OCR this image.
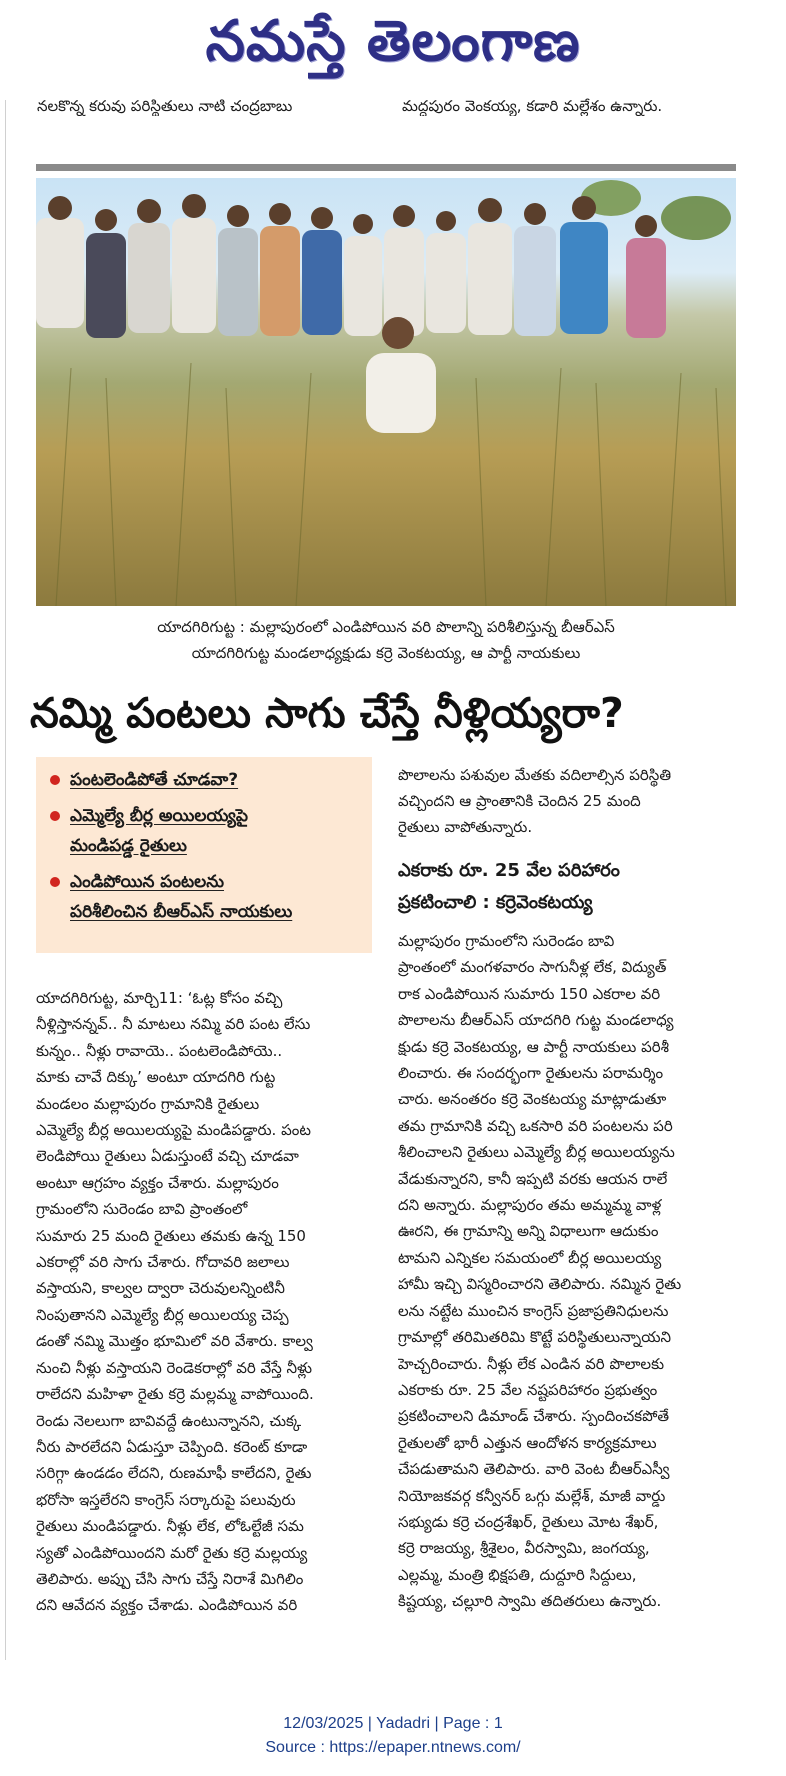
నమస్తే తెలంగాణ
నలకొన్న కరువు పరిస్థితులు నాటి చంద్రబాబు	మద్దపురం వెంకయ్య, కడారి మల్లేశం ఉన్నారు.
యాదగిరిగుట్ట : మల్లాపురంలో ఎండిపోయిన వరి పొలాన్ని పరిశీలిస్తున్న బీఆర్‌ఎస్
యాదగిరిగుట్ట మండలాధ్యక్షుడు కర్రె వెంకటయ్య, ఆ పార్టీ నాయకులు
నమ్మి పంటలు సాగు చేస్తే నీళ్లియ్యరా?
పంటలెండిపోతే చూడవా?
ఎమ్మెల్యే బీర్ల అయిలయ్యపై
మండిపడ్డ రైతులు
ఎండిపోయిన పంటలను
పరిశీలించిన బీఆర్‌ఎస్ నాయకులు
యాదగిరిగుట్ట, మార్చి11: ‘ఓట్ల కోసం వచ్చి
నీళ్లిస్తానన్నవ్.. నీ మాటలు నమ్మి వరి పంట లేసు
కున్నం.. నీళ్లు రావాయె.. పంటలెండిపోయె..
మాకు చావే దిక్కు’ అంటూ యాదగిరి గుట్ట
మండలం మల్లాపురం గ్రామానికి రైతులు
ఎమ్మెల్యే బీర్ల అయిలయ్యపై మండిపడ్డారు. పంట
లెండిపోయి రైతులు ఏడుస్తుంటే వచ్చి చూడవా
అంటూ ఆగ్రహం వ్యక్తం చేశారు. మల్లాపురం
గ్రామంలోని సురెండం బావి ప్రాంతంలో
సుమారు 25 మంది రైతులు తమకు ఉన్న 150
ఎకరాల్లో వరి సాగు చేశారు. గోదావరి జలాలు
వస్తాయని, కాల్వల ద్వారా చెరువులన్నింటినీ
నింపుతానని ఎమ్మెల్యే బీర్ల అయిలయ్య చెప్ప
డంతో నమ్మి మొత్తం భూమిలో వరి వేశారు. కాల్వ
నుంచి నీళ్లు వస్తాయని రెండెకరాల్లో వరి వేస్తే నీళ్లు
రాలేదని మహిళా రైతు కర్రె మల్లమ్మ వాపోయింది.
రెండు నెలలుగా బావివద్దే ఉంటున్నానని, చుక్క
నీరు పారలేదని ఏడుస్తూ చెప్పింది. కరెంట్ కూడా
సరిగ్గా ఉండడం లేదని, రుణమాఫీ కాలేదని, రైతు
భరోసా ఇస్తలేరని కాంగ్రెస్ సర్కారుపై పలువురు
రైతులు మండిపడ్డారు. నీళ్లు లేక, లోఓల్టేజీ సమ
స్యతో ఎండిపోయిందని మరో రైతు కర్రె మల్లయ్య
తెలిపారు. అప్పు చేసి సాగు చేస్తే నిరాశే మిగిలిం
దని ఆవేదన వ్యక్తం చేశాడు. ఎండిపోయిన వరి
పొలాలను పశువుల మేతకు వదిలాల్సిన పరిస్థితి
వచ్చిందని ఆ ప్రాంతానికి చెందిన 25 మంది
రైతులు వాపోతున్నారు.
ఎకరాకు రూ. 25 వేల పరిహారం
ప్రకటించాలి : కర్రెవెంకటయ్య
మల్లాపురం గ్రామంలోని సురెండం బావి
ప్రాంతంలో మంగళవారం సాగునీళ్ల లేక, విద్యుత్
రాక ఎండిపోయిన సుమారు 150 ఎకరాల వరి
పొలాలను బీఆర్‌ఎస్ యాదగిరి గుట్ట మండలాధ్య
క్షుడు కర్రె వెంకటయ్య, ఆ పార్టీ నాయకులు పరిశీ
లించారు. ఈ సందర్భంగా రైతులను పరామర్శిం
చారు. అనంతరం కర్రె వెంకటయ్య మాట్లాడుతూ
తమ గ్రామానికి వచ్చి ఒకసారి వరి పంటలను పరి
శీలించాలని రైతులు ఎమ్మెల్యే బీర్ల అయిలయ్యను
వేడుకున్నారని, కానీ ఇప్పటి వరకు ఆయన రాలే
దని అన్నారు. మల్లాపురం తమ అమ్మమ్మ వాళ్ల
ఊరని, ఈ గ్రామాన్ని అన్ని విధాలుగా ఆదుకుం
టామని ఎన్నికల సమయంలో బీర్ల అయిలయ్య
హామీ ఇచ్చి విస్మరించారని తెలిపారు. నమ్మిన రైతు
లను నట్టేట ముంచిన కాంగ్రెస్ ప్రజాప్రతినిధులను
గ్రామాల్లో తరిమితరిమి కొట్టే పరిస్థితులున్నాయని
హెచ్చరించారు. నీళ్లు లేక ఎండిన వరి పొలాలకు
ఎకరాకు రూ. 25 వేల నష్టపరిహారం ప్రభుత్వం
ప్రకటించాలని డిమాండ్ చేశారు. స్పందించకపోతే
రైతులతో భారీ ఎత్తున ఆందోళన కార్యక్రమాలు
చేపడుతామని తెలిపారు. వారి వెంట బీఆర్‌ఎస్వీ
నియోజకవర్గ కన్వీనర్ ఒగ్గు మల్లేశ్, మాజీ వార్డు
సభ్యుడు కర్రె చంద్రశేఖర్, రైతులు మోట శేఖర్,
కర్రె రాజయ్య, శ్రీశైలం, వీరస్వామి, జంగయ్య,
ఎల్లమ్మ, మంత్రి భిక్షపతి, దుద్దూరి సిద్దులు,
కిష్టయ్య, చల్లూరి స్వామి తదితరులు ఉన్నారు.
12/03/2025 | Yadadri | Page : 1
Source : https://epaper.ntnews.com/
